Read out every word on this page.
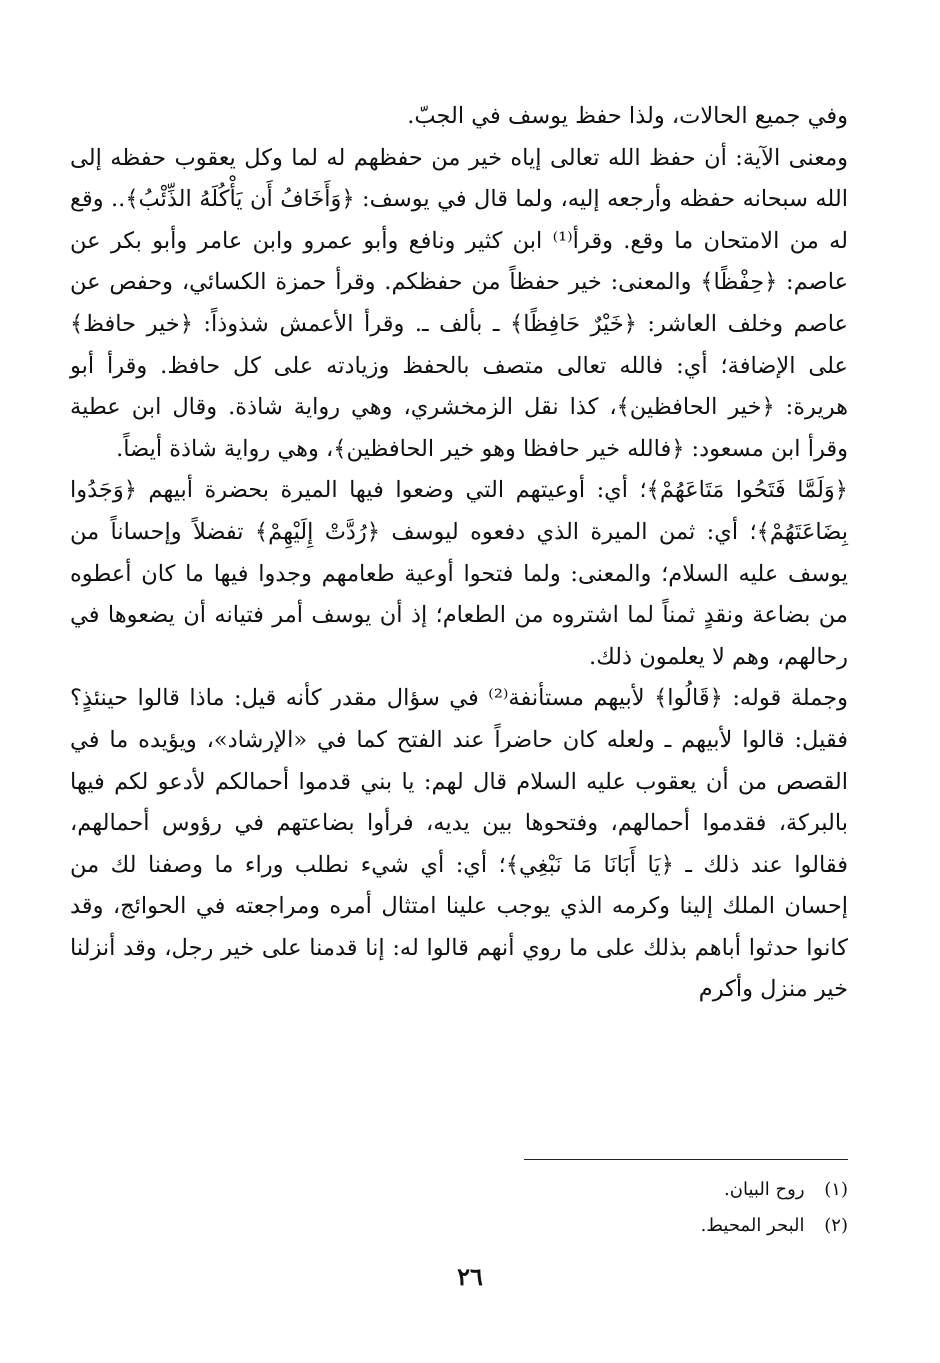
وفي جميع الحالات، ولذا حفظ يوسف في الجبّ.

ومعنى الآية: أن حفظ الله تعالى إياه خير من حفظهم له لما وكل يعقوب حفظه إلى الله سبحانه حفظه وأرجعه إليه، ولما قال في يوسف: ﴿وَأَخَافُ أَن يَأْكُلَهُ الذِّئْبُ﴾.. وقع له من الامتحان ما وقع. وقرأ⁽¹⁾ ابن كثير ونافع وأبو عمرو وابن عامر وأبو بكر عن عاصم: ﴿حِفْظًا﴾ والمعنى: خير حفظاً من حفظكم. وقرأ حمزة الكسائي، وحفص عن عاصم وخلف العاشر: ﴿خَيْرٌ حَافِظًا﴾ ـ بألف ـ. وقرأ الأعمش شذوذاً: ﴿خير حافظ﴾ على الإضافة؛ أي: فالله تعالى متصف بالحفظ وزيادته على كل حافظ. وقرأ أبو هريرة: ﴿خير الحافظين﴾، كذا نقل الزمخشري، وهي رواية شاذة. وقال ابن عطية وقرأ ابن مسعود: ﴿فالله خير حافظا وهو خير الحافظين﴾، وهي رواية شاذة أيضاً.

﴿وَلَمَّا فَتَحُوا مَتَاعَهُمْ﴾؛ أي: أوعيتهم التي وضعوا فيها الميرة بحضرة أبيهم ﴿وَجَدُوا بِضَاعَتَهُمْ﴾؛ أي: ثمن الميرة الذي دفعوه ليوسف ﴿رُدَّتْ إِلَيْهِمْ﴾ تفضلاً وإحساناً من يوسف عليه السلام؛ والمعنى: ولما فتحوا أوعية طعامهم وجدوا فيها ما كان أعطوه من بضاعة ونقدٍ ثمناً لما اشتروه من الطعام؛ إذ أن يوسف أمر فتيانه أن يضعوها في رحالهم، وهم لا يعلمون ذلك.

وجملة قوله: ﴿قَالُوا﴾ لأبيهم مستأنفة⁽²⁾ في سؤال مقدر كأنه قيل: ماذا قالوا حينئذٍ؟ فقيل: قالوا لأبيهم ـ ولعله كان حاضراً عند الفتح كما في «الإرشاد»، ويؤيده ما في القصص من أن يعقوب عليه السلام قال لهم: يا بني قدموا أحمالكم لأدعو لكم فيها بالبركة، فقدموا أحمالهم، وفتحوها بين يديه، فرأوا بضاعتهم في رؤوس أحمالهم، فقالوا عند ذلك ـ ﴿يَا أَبَانَا مَا نَبْغِي﴾؛ أي: أي شيء نطلب وراء ما وصفنا لك من إحسان الملك إلينا وكرمه الذي يوجب علينا امتثال أمره ومراجعته في الحوائج، وقد كانوا حدثوا أباهم بذلك على ما روي أنهم قالوا له: إنا قدمنا على خير رجل، وقد أنزلنا خير منزل وأكرم

(١) روح البيان.
(٢) البحر المحيط.
٢٦
